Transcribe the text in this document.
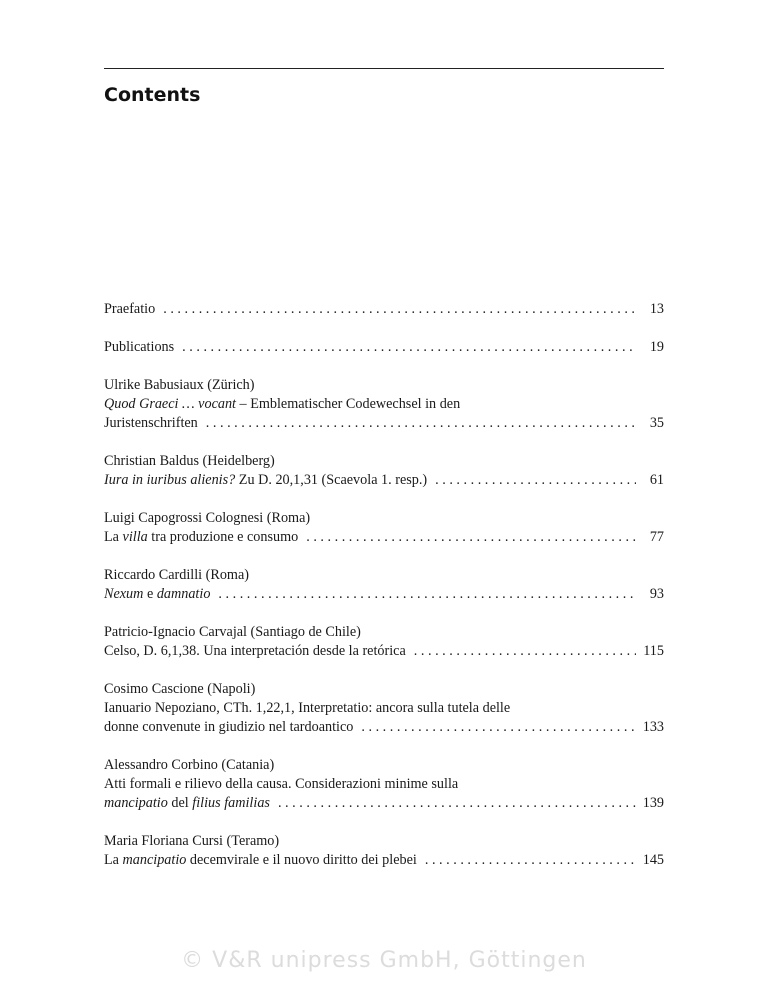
Contents
Praefatio . . .	13
Publications . . .	19
Ulrike Babusiaux (Zürich)
Quod Graeci … vocant – Emblematischer Codewechsel in den
Juristenschriften . . .	35
Christian Baldus (Heidelberg)
Iura in iuribus alienis? Zu D. 20,1,31 (Scaevola 1. resp.) . . .	61
Luigi Capogrossi Colognesi (Roma)
La villa tra produzione e consumo . . .	77
Riccardo Cardilli (Roma)
Nexum e damnatio . . .	93
Patricio-Ignacio Carvajal (Santiago de Chile)
Celso, D. 6,1,38. Una interpretación desde la retórica . . .	115
Cosimo Cascione (Napoli)
Ianuario Nepoziano, CTh. 1,22,1, Interpretatio: ancora sulla tutela delle
donne convenute in giudizio nel tardoantico . . .	133
Alessandro Corbino (Catania)
Atti formali e rilievo della causa. Considerazioni minime sulla
mancipatio del filius familias . . .	139
Maria Floriana Cursi (Teramo)
La mancipatio decemvirale e il nuovo diritto dei plebei . . .	145
© V&R unipress GmbH, Göttingen
